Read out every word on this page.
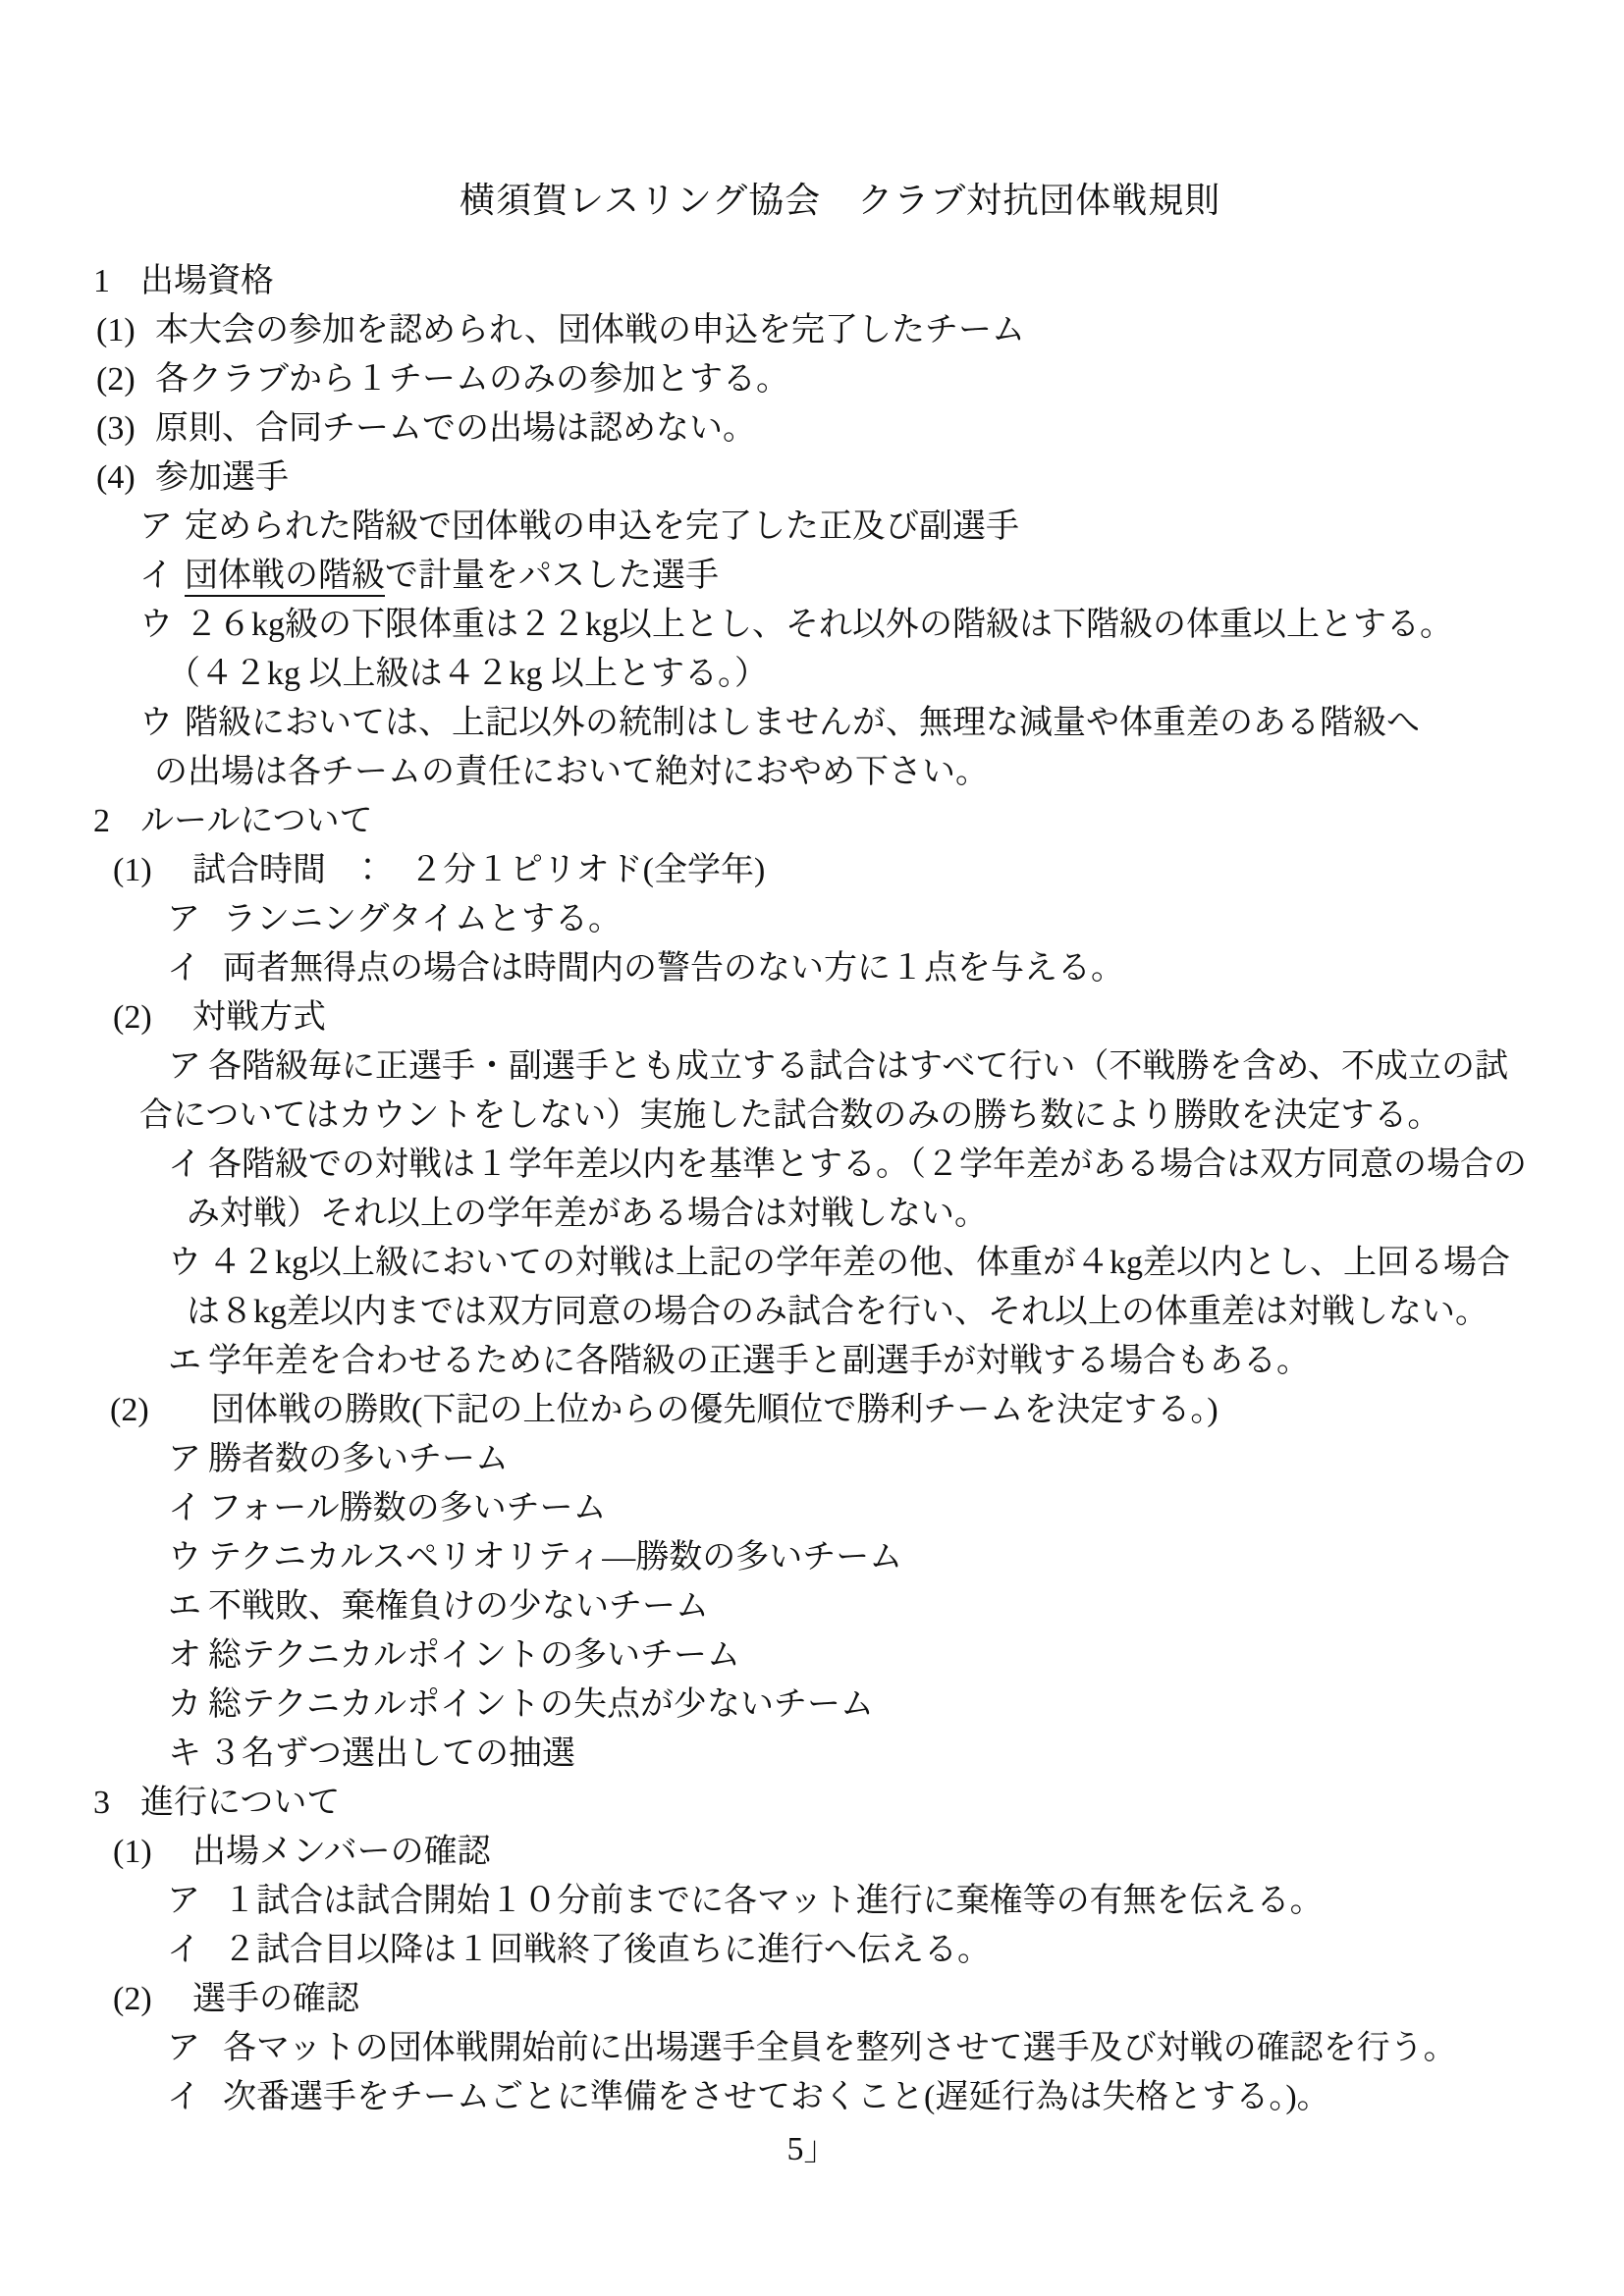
横須賀レスリング協会　クラブ対抗団体戦規則
1 出場資格
(1) 本大会の参加を認められ、団体戦の申込を完了したチーム
(2) 各クラブから１チームのみの参加とする。
(3) 原則、合同チームでの出場は認めない。
(4) 参加選手
ア 定められた階級で団体戦の申込を完了した正及び副選手
イ 団体戦の階級で計量をパスした選手
ウ ２６kg級の下限体重は２２kg以上とし、それ以外の階級は下階級の体重以上とする。
（４２kg 以上級は４２kg 以上とする。）
ウ 階級においては、上記以外の統制はしませんが、無理な減量や体重差のある階級へ
の出場は各チームの責任において絶対におやめ下さい。
2 ルールについて
(1) 試合時間　：　２分１ピリオド(全学年)
ア ランニングタイムとする。
イ 両者無得点の場合は時間内の警告のない方に１点を与える。
(2) 対戦方式
ア 各階級毎に正選手・副選手とも成立する試合はすべて行い（不戦勝を含め、不成立の試
合についてはカウントをしない）実施した試合数のみの勝ち数により勝敗を決定する。
イ 各階級での対戦は１学年差以内を基準とする。（２学年差がある場合は双方同意の場合の
み対戦）それ以上の学年差がある場合は対戦しない。
ウ ４２kg以上級においての対戦は上記の学年差の他、体重が４kg差以内とし、上回る場合
は８kg差以内までは双方同意の場合のみ試合を行い、それ以上の体重差は対戦しない。
エ 学年差を合わせるために各階級の正選手と副選手が対戦する場合もある。
(2) 団体戦の勝敗(下記の上位からの優先順位で勝利チームを決定する。)
ア 勝者数の多いチーム
イ フォール勝数の多いチーム
ウ テクニカルスペリオリティ―勝数の多いチーム
エ 不戦敗、棄権負けの少ないチーム
オ 総テクニカルポイントの多いチーム
カ 総テクニカルポイントの失点が少ないチーム
キ ３名ずつ選出しての抽選
3 進行について
(1) 出場メンバーの確認
ア １試合は試合開始１０分前までに各マット進行に棄権等の有無を伝える。
イ ２試合目以降は１回戦終了後直ちに進行へ伝える。
(2) 選手の確認
ア 各マットの団体戦開始前に出場選手全員を整列させて選手及び対戦の確認を行う。
イ 次番選手をチームごとに準備をさせておくこと(遅延行為は失格とする。)。
5」
